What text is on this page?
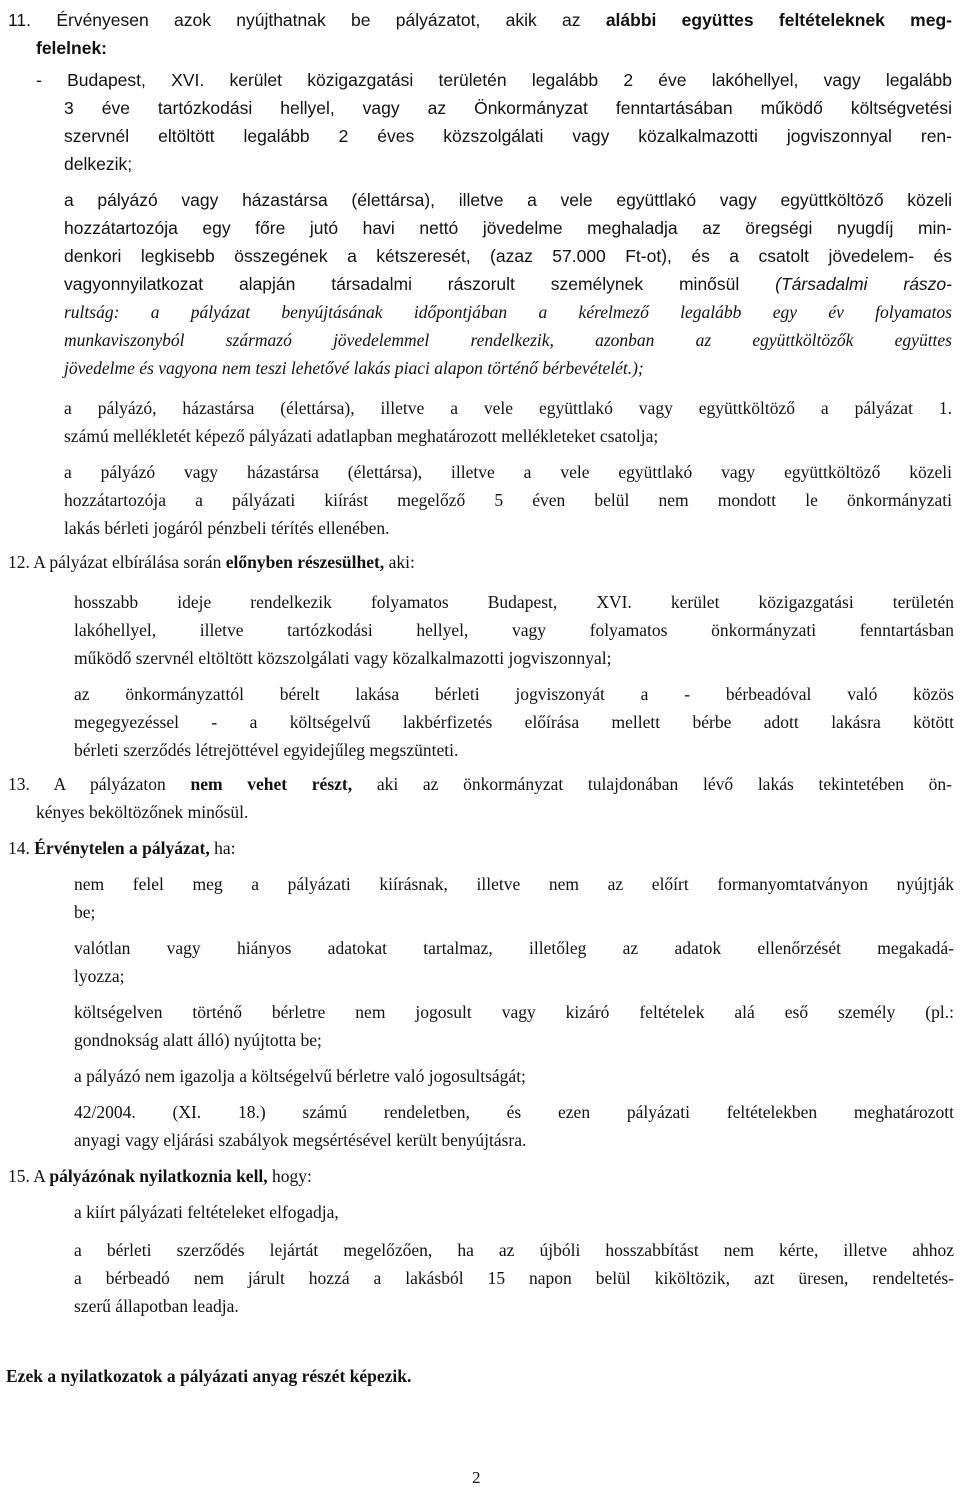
11. Érvényesen azok nyújthatnak be pályázatot, akik az alábbi együttes feltételeknek meg-
felelnek:
- Budapest, XVI. kerület közigazgatási területén legalább 2 éve lakóhellyel, vagy legalább
3 éve tartózkodási hellyel, vagy az Önkormányzat fenntartásában működő költségvetési
szervnél eltöltött legalább 2 éves közszolgálati vagy közalkalmazotti jogviszonnyal ren-
delkezik;
a pályázó vagy házastársa (élettársa), illetve a vele együttlakó vagy együttköltöző közeli
hozzátartozója egy főre jutó havi nettó jövedelme meghaladja az öregségi nyugdíj min-
denkori legkisebb összegének a kétszeresét, (azaz 57.000 Ft-ot), és a csatolt jövedelem- és
vagyonnyilatkozat alapján társadalmi rászorult személynek minősül (Társadalmi rászo-
rultság: a pályázat benyújtásának időpontjában a kérelmező legalább egy év folyamatos
munkaviszonyból származó jövedelemmel rendelkezik, azonban az együttköltözők együttes
jövedelme és vagyona nem teszi lehetővé lakás piaci alapon történő bérbevételét.);
a pályázó, házastársa (élettársa), illetve a vele együttlakó vagy együttköltöző a pályázat 1.
számú mellékletét képező pályázati adatlapban meghatározott mellékleteket csatolja;
a pályázó vagy házastársa (élettársa), illetve a vele együttlakó vagy együttköltöző közeli
hozzátartozója a pályázati kiírást megelőző 5 éven belül nem mondott le önkormányzati
lakás bérleti jogáról pénzbeli térítés ellenében.
12. A pályázat elbírálása során előnyben részesülhet, aki:
hosszabb ideje rendelkezik folyamatos Budapest, XVI. kerület közigazgatási területén
lakóhellyel, illetve tartózkodási hellyel, vagy folyamatos önkormányzati fenntartásban
működő szervnél eltöltött közszolgálati vagy közalkalmazotti jogviszonnyal;
az önkormányzattól bérelt lakása bérleti jogviszonyát a - bérbeadóval való közös
megegyezéssel - a költségelvű lakbérfizetés előírása mellett bérbe adott lakásra kötött
bérleti szerződés létrejöttével egyidejűleg megszünteti.
13. A pályázaton nem vehet részt, aki az önkormányzat tulajdonában lévő lakás tekintetében ön-
kényes beköltözőnek minősül.
14. Érvénytelen a pályázat, ha:
nem felel meg a pályázati kiírásnak, illetve nem az előírt formanyomtatványon nyújtják
be;
valótlan vagy hiányos adatokat tartalmaz, illetőleg az adatok ellenőrzését megakadá-
lyozza;
költségelven történő bérletre nem jogosult vagy kizáró feltételek alá eső személy (pl.:
gondnokság alatt álló) nyújtotta be;
a pályázó nem igazolja a költségelvű bérletre való jogosultságát;
42/2004. (XI. 18.) számú rendeletben, és ezen pályázati feltételekben meghatározott
anyagi vagy eljárási szabályok megsértésével került benyújtásra.
15. A pályázónak nyilatkoznia kell, hogy:
a kiírt pályázati feltételeket elfogadja,
a bérleti szerződés lejártát megelőzően, ha az újbóli hosszabbítást nem kérte, illetve ahhoz
a bérbeadó nem járult hozzá a lakásból 15 napon belül kiköltözik, azt üresen, rendeltetés-
szerű állapotban leadja.
Ezek a nyilatkozatok a pályázati anyag részét képezik.
2
